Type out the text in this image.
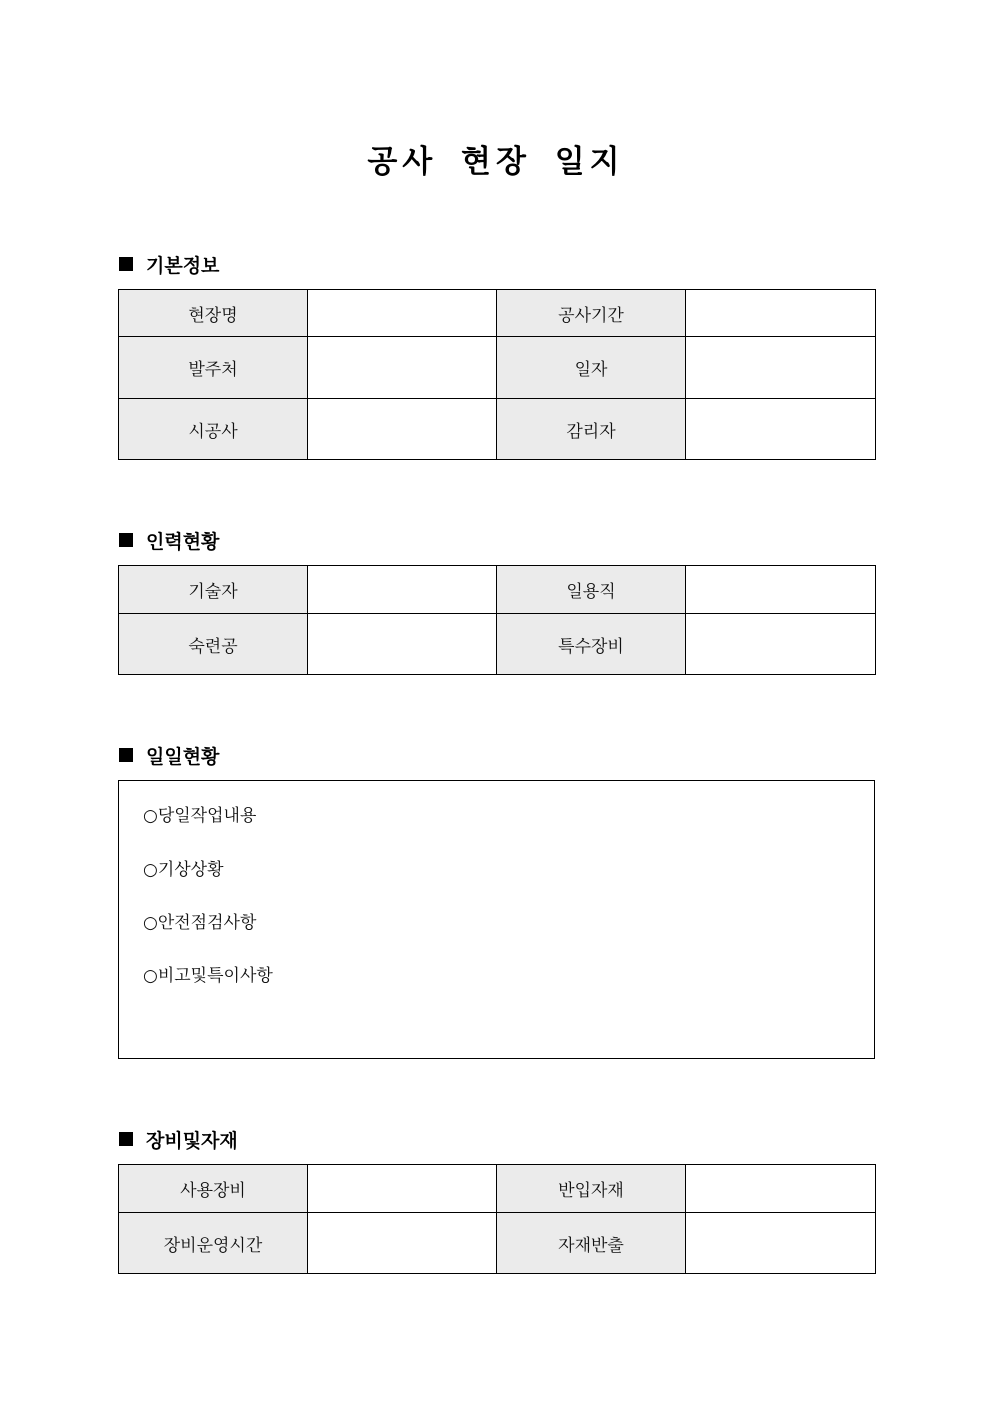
공사 현장 일지
기본정보
현장명		공사기간	
발주처		일자	
시공사		감리자	
인력현황
기술자		일용직	
숙련공		특수장비	
일일현황
○당일작업내용
○기상상황
○안전점검사항
○비고및특이사항
장비및자재
사용장비		반입자재	
장비운영시간		자재반출	
